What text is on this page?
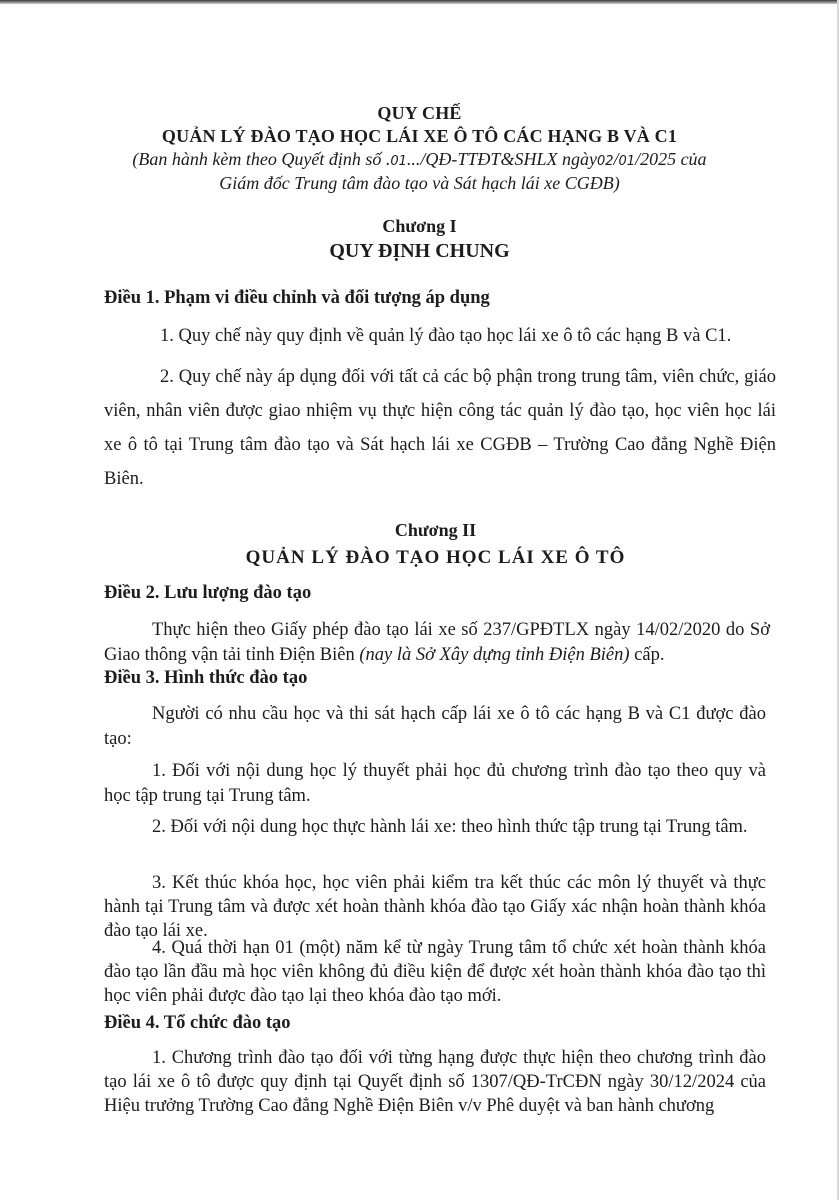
QUY CHẾ
QUẢN LÝ ĐÀO TẠO HỌC LÁI XE Ô TÔ CÁC HẠNG B VÀ C1
(Ban hành kèm theo Quyết định số .01.../QĐ-TTĐT&SHLX ngày02/01/2025 của
Giám đốc Trung tâm đào tạo và Sát hạch lái xe CGĐB)
Chương I
QUY ĐỊNH CHUNG
Điều 1. Phạm vi điều chỉnh và đối tượng áp dụng
1. Quy chế này quy định về quản lý đào tạo học lái xe ô tô các hạng B và C1.
2. Quy chế này áp dụng đối với tất cả các bộ phận trong trung tâm, viên chức, giáo viên, nhân viên được giao nhiệm vụ thực hiện công tác quản lý đào tạo, học viên học lái xe ô tô tại Trung tâm đào tạo và Sát hạch lái xe CGĐB – Trường Cao đẳng Nghề Điện Biên.
Chương II
QUẢN LÝ ĐÀO TẠO HỌC LÁI XE Ô TÔ
Điều 2. Lưu lượng đào tạo
Thực hiện theo Giấy phép đào tạo lái xe số 237/GPĐTLX ngày 14/02/2020 do Sở Giao thông vận tải tỉnh Điện Biên (nay là Sở Xây dựng tỉnh Điện Biên) cấp.
Điều 3. Hình thức đào tạo
Người có nhu cầu học và thi sát hạch cấp lái xe ô tô các hạng B và C1 được đào tạo:
1. Đối với nội dung học lý thuyết phải học đủ chương trình đào tạo theo quy và học tập trung tại Trung tâm.
2. Đối với nội dung học thực hành lái xe: theo hình thức tập trung tại Trung tâm.
3. Kết thúc khóa học, học viên phải kiểm tra kết thúc các môn lý thuyết và thực hành tại Trung tâm và được xét hoàn thành khóa đào tạo Giấy xác nhận hoàn thành khóa đào tạo lái xe.
4. Quá thời hạn 01 (một) năm kể từ ngày Trung tâm tổ chức xét hoàn thành khóa đào tạo lần đầu mà học viên không đủ điều kiện để được xét hoàn thành khóa đào tạo thì học viên phải được đào tạo lại theo khóa đào tạo mới.
Điều 4. Tổ chức đào tạo
1. Chương trình đào tạo đối với từng hạng được thực hiện theo chương trình đào tạo lái xe ô tô được quy định tại Quyết định số 1307/QĐ-TrCĐN ngày 30/12/2024 của Hiệu trưởng Trường Cao đẳng Nghề Điện Biên v/v Phê duyệt và ban hành chương
